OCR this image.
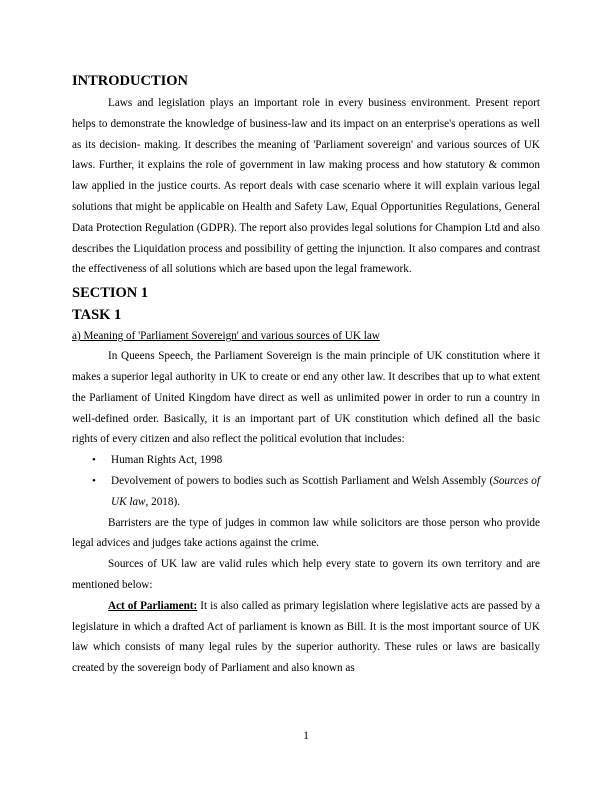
INTRODUCTION

Laws and legislation plays an important role in every business environment. Present report helps to demonstrate the knowledge of business-law and its impact on an enterprise's operations as well as its decision- making. It describes the meaning of 'Parliament sovereign' and various sources of UK laws. Further, it explains the role of government in law making process and how statutory & common law applied in the justice courts. As report deals with case scenario where it will explain various legal solutions that might be applicable on Health and Safety Law, Equal Opportunities Regulations, General Data Protection Regulation (GDPR). The report also provides legal solutions for Champion Ltd and also describes the Liquidation process and possibility of getting the injunction. It also compares and contrast the effectiveness of all solutions which are based upon the legal framework.

SECTION 1
TASK 1
a) Meaning of 'Parliament Sovereign' and various sources of UK law

In Queens Speech, the Parliament Sovereign is the main principle of UK constitution where it makes a superior legal authority in UK to create or end any other law. It describes that up to what extent the Parliament of United Kingdom have direct as well as unlimited power in order to run a country in well-defined order. Basically, it is an important part of UK constitution which defined all the basic rights of every citizen and also reflect the political evolution that includes:

• Human Rights Act, 1998
• Devolvement of powers to bodies such as Scottish Parliament and Welsh Assembly (Sources of UK law, 2018).

Barristers are the type of judges in common law while solicitors are those person who provide legal advices and judges take actions against the crime.

Sources of UK law are valid rules which help every state to govern its own territory and are mentioned below:

Act of Parliament: It is also called as primary legislation where legislative acts are passed by a legislature in which a drafted Act of parliament is known as Bill. It is the most important source of UK law which consists of many legal rules by the superior authority. These rules or laws are basically created by the sovereign body of Parliament and also known as

1
